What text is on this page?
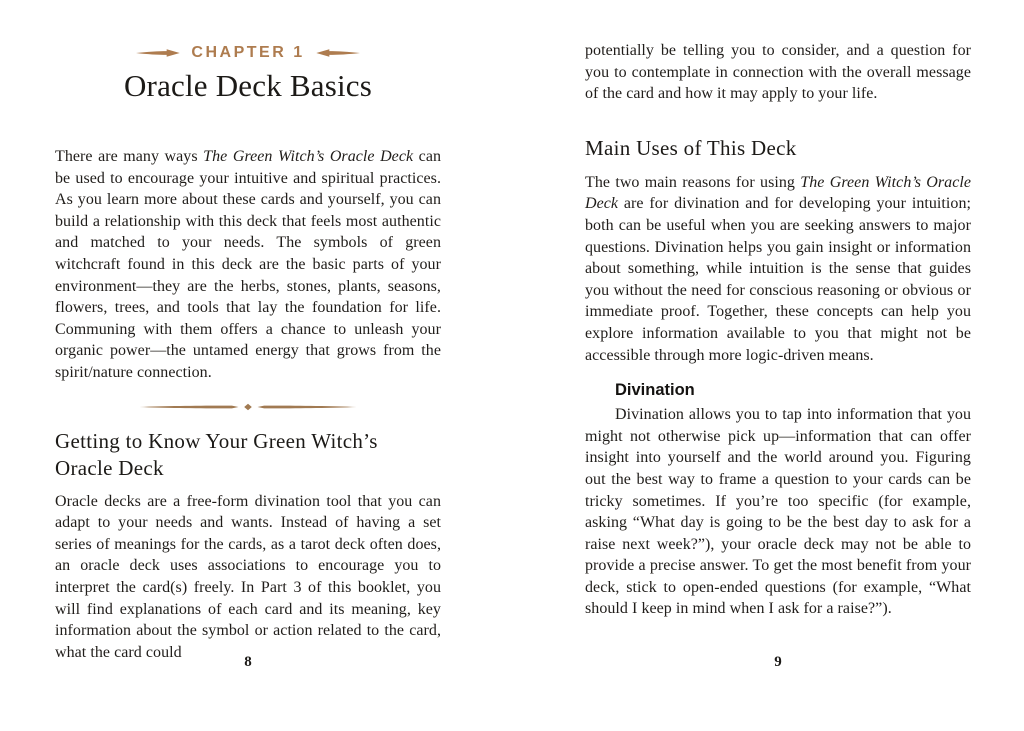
CHAPTER 1
Oracle Deck Basics

There are many ways The Green Witch’s Oracle Deck can be used to encourage your intuitive and spiritual practices. As you learn more about these cards and yourself, you can build a relationship with this deck that feels most authentic and matched to your needs. The symbols of green witchcraft found in this deck are the basic parts of your environment—they are the herbs, stones, plants, seasons, flowers, trees, and tools that lay the foundation for life. Communing with them offers a chance to unleash your organic power—the untamed energy that grows from the spirit/nature connection.

Getting to Know Your Green Witch’s Oracle Deck

Oracle decks are a free-form divination tool that you can adapt to your needs and wants. Instead of having a set series of meanings for the cards, as a tarot deck often does, an oracle deck uses associations to encourage you to interpret the card(s) freely. In Part 3 of this booklet, you will find explanations of each card and its meaning, key information about the symbol or action related to the card, what the card could

potentially be telling you to consider, and a question for you to contemplate in connection with the overall message of the card and how it may apply to your life.

Main Uses of This Deck

The two main reasons for using The Green Witch’s Oracle Deck are for divination and for developing your intuition; both can be useful when you are seeking answers to major questions. Divination helps you gain insight or information about something, while intuition is the sense that guides you without the need for conscious reasoning or obvious or immediate proof. Together, these concepts can help you explore information available to you that might not be accessible through more logic-driven means.

Divination

Divination allows you to tap into information that you might not otherwise pick up—information that can offer insight into yourself and the world around you. Figuring out the best way to frame a question to your cards can be tricky sometimes. If you’re too specific (for example, asking “What day is going to be the best day to ask for a raise next week?”), your oracle deck may not be able to provide a precise answer. To get the most benefit from your deck, stick to open-ended questions (for example, “What should I keep in mind when I ask for a raise?”).

8	9
